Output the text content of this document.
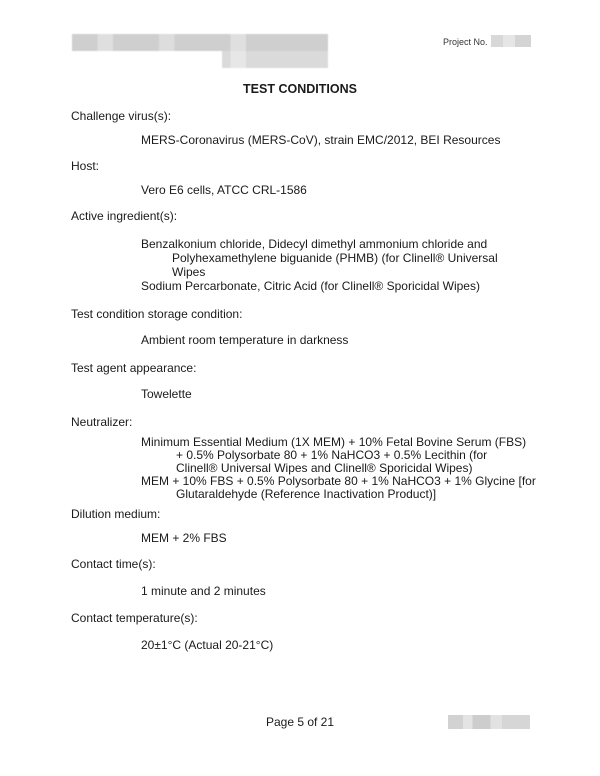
Project No.
TEST CONDITIONS
Challenge virus(s):
MERS-Coronavirus (MERS-CoV), strain EMC/2012, BEI Resources
Host:
Vero E6 cells, ATCC CRL-1586
Active ingredient(s):
Benzalkonium chloride, Didecyl dimethyl ammonium chloride and
Polyhexamethylene biguanide (PHMB) (for Clinell® Universal
Wipes
Sodium Percarbonate, Citric Acid (for Clinell® Sporicidal Wipes)
Test condition storage condition:
Ambient room temperature in darkness
Test agent appearance:
Towelette
Neutralizer:
Minimum Essential Medium (1X MEM) + 10% Fetal Bovine Serum (FBS)
+ 0.5% Polysorbate 80 + 1% NaHCO3 + 0.5% Lecithin (for
Clinell® Universal Wipes and Clinell® Sporicidal Wipes)
MEM + 10% FBS + 0.5% Polysorbate 80 + 1% NaHCO3 + 1% Glycine [for
Glutaraldehyde (Reference Inactivation Product)]
Dilution medium:
MEM + 2% FBS
Contact time(s):
1 minute and 2 minutes
Contact temperature(s):
20±1°C (Actual 20-21°C)
Page 5 of 21
